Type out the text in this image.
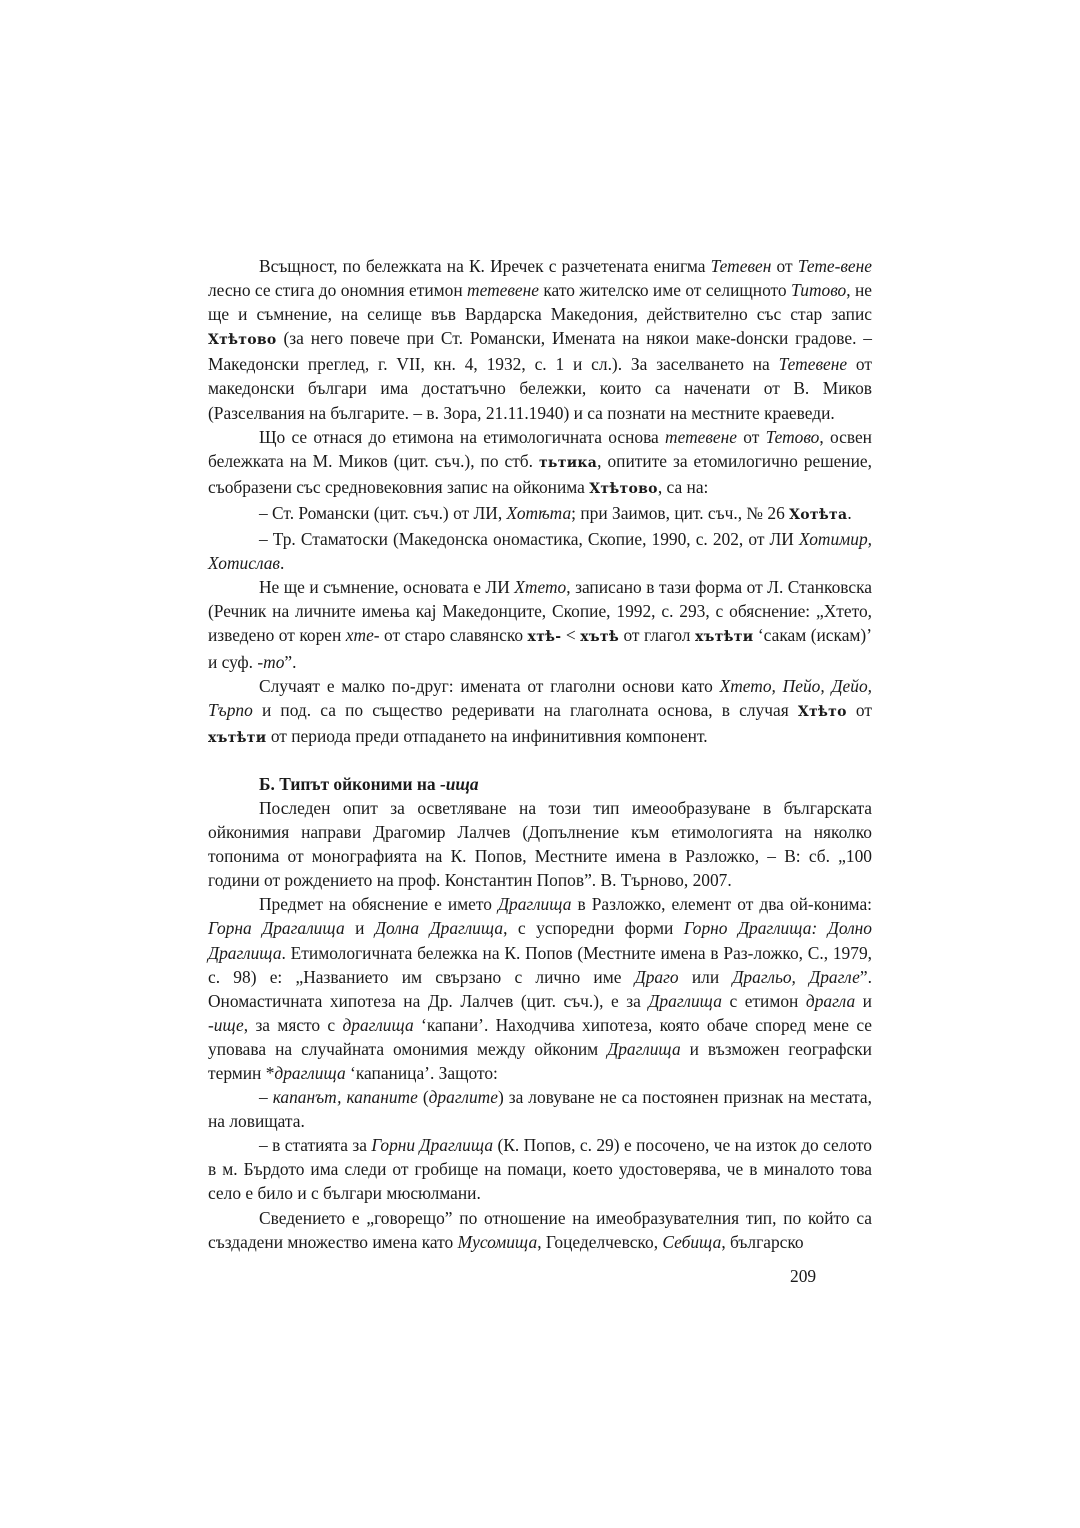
Всъщност, по бележката на К. Иречек с разчетената енигма Тетевен от Тете-вене лесно се стига до ономния етимон тетевене като жителско име от селищното Титово, не ще и съмнение, на селище във Вардарска Македония, действително със стар запис Хтѣтово (за него повече при Ст. Романски, Имената на някои маке-dонски градове. – Македонски преглед, г. VII, кн. 4, 1932, с. 1 и сл.). За заселването на Тетевене от македонски българи има достатъчно бележки, които са наченати от В. Миков (Разселвания на българите. – в. Зора, 21.11.1940) и са познати на местните краеведи.

Що се отнася до етимона на етимологичната основа тетевене от Тетово, освен бележката на М. Миков (цит. съч.), по стб. тьтика, опитите за етомилогично решение, съобразени със средновековния запис на ойконима Хтѣтово, са на:

– Ст. Романски (цит. съч.) от ЛИ, Хотѣта; при Заимов, цит. съч., № 26 Хотѣта.

– Тр. Стаматоски (Македонска ономастика, Скопие, 1990, с. 202, от ЛИ Хотимир, Хотислав.

Не ще и съмнение, основата е ЛИ Хтето, записано в тази форма от Л. Станковска (Речник на личните имења кај Македонците, Скопие, 1992, с. 293, с обяснение: „Хтето, изведено от корен хте- от старо славянско хтѣ- < хътѣ от глагол хътѣти ‘сакам (искам)’ и суф. -то”.

Случаят е малко по-друг: имената от глаголни основи като Хтето, Пейо, Дейо, Търпо и под. са по същество редеривати на глаголната основа, в случая Хтѣто от хътѣти от периода преди отпадането на инфинитивния компонент.

Б. Типът ойконими на -ища

Последен опит за осветляване на този тип имеообразуване в българската ойконимия направи Драгомир Лалчев (Допълнение към етимологията на няколко топонима от монографията на К. Попов, Местните имена в Разложко, – В: сб. „100 години от рождението на проф. Константин Попов”. В. Търново, 2007.

Предмет на обяснение е името Драглища в Разложко, елемент от два ой-конима: Горна Драгалища и Долна Драглища, с успоредни форми Горно Драглища: Долно Драглища. Етимологичната бележка на К. Попов (Местните имена в Раз-ложко, С., 1979, с. 98) е: „Названието им свързано с лично име Драго или Драгльо, Драгле”. Ономастичната хипотеза на Др. Лалчев (цит. съч.), е за Драглища с етимон драгла и -ище, за място с драглища ‘капани’. Находчива хипотеза, която обаче според мене се уповава на случайната омонимия между ойконим Драглища и възможен географски термин *драглища ‘капаница’. Защото:

– капанът, капаните (драглите) за ловуване не са постоянен признак на местата, на ловищата.

– в статията за Горни Драглища (К. Попов, с. 29) е посочено, че на изток до селото в м. Бърдото има следи от гробище на помаци, което удостоверява, че в миналото това село е било и с българи мюсюлмани.

Сведението е „говорещо” по отношение на имеобразувателния тип, по който са създадени множество имена като Мусомища, Гоцеделчевско, Себища, българско

209
